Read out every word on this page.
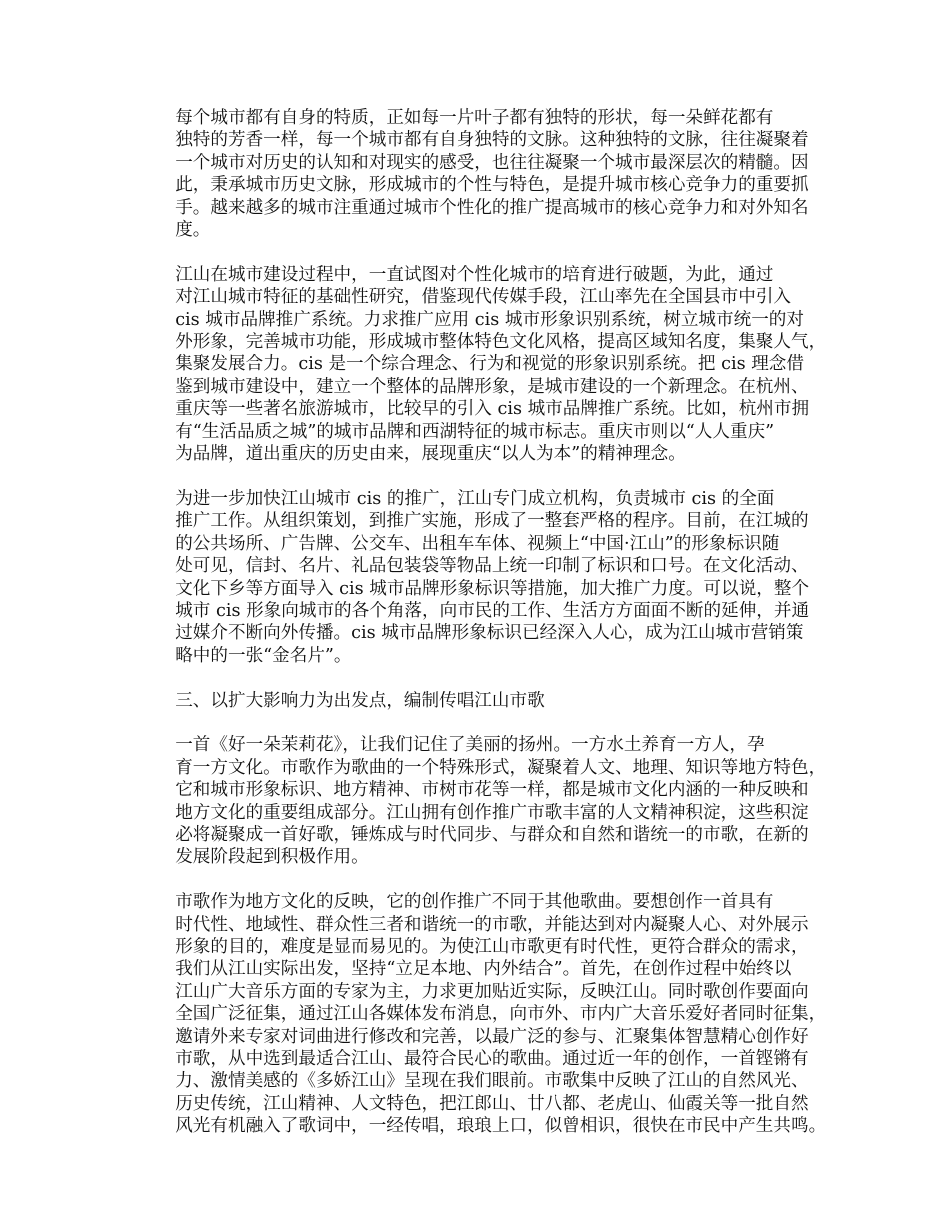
每个城市都有自身的特质，正如每一片叶子都有独特的形状，每一朵鲜花都有
独特的芳香一样，每一个城市都有自身独特的文脉。这种独特的文脉，往往凝聚着
一个城市对历史的认知和对现实的感受，也往往凝聚一个城市最深层次的精髓。因
此，秉承城市历史文脉，形成城市的个性与特色，是提升城市核心竞争力的重要抓
手。越来越多的城市注重通过城市个性化的推广提高城市的核心竞争力和对外知名
度。
江山在城市建设过程中，一直试图对个性化城市的培育进行破题，为此，通过
对江山城市特征的基础性研究，借鉴现代传媒手段，江山率先在全国县市中引入
cis 城市品牌推广系统。力求推广应用 cis 城市形象识别系统，树立城市统一的对
外形象，完善城市功能，形成城市整体特色文化风格，提高区域知名度，集聚人气，
集聚发展合力。cis 是一个综合理念、行为和视觉的形象识别系统。把 cis 理念借
鉴到城市建设中，建立一个整体的品牌形象，是城市建设的一个新理念。在杭州、
重庆等一些著名旅游城市，比较早的引入 cis 城市品牌推广系统。比如，杭州市拥
有“生活品质之城”的城市品牌和西湖特征的城市标志。重庆市则以“人人重庆”
为品牌，道出重庆的历史由来，展现重庆“以人为本”的精神理念。
为进一步加快江山城市 cis 的推广，江山专门成立机构，负责城市 cis 的全面
推广工作。从组织策划，到推广实施，形成了一整套严格的程序。目前，在江城的
的公共场所、广告牌、公交车、出租车车体、视频上“中国·江山”的形象标识随
处可见，信封、名片、礼品包装袋等物品上统一印制了标识和口号。在文化活动、
文化下乡等方面导入 cis 城市品牌形象标识等措施，加大推广力度。可以说，整个
城市 cis 形象向城市的各个角落，向市民的工作、生活方方面面不断的延伸，并通
过媒介不断向外传播。cis 城市品牌形象标识已经深入人心，成为江山城市营销策
略中的一张“金名片”。
三、以扩大影响力为出发点，编制传唱江山市歌
一首《好一朵茉莉花》，让我们记住了美丽的扬州。一方水土养育一方人，孕
育一方文化。市歌作为歌曲的一个特殊形式，凝聚着人文、地理、知识等地方特色，
它和城市形象标识、地方精神、市树市花等一样，都是城市文化内涵的一种反映和
地方文化的重要组成部分。江山拥有创作推广市歌丰富的人文精神积淀，这些积淀
必将凝聚成一首好歌，锤炼成与时代同步、与群众和自然和谐统一的市歌，在新的
发展阶段起到积极作用。
市歌作为地方文化的反映，它的创作推广不同于其他歌曲。要想创作一首具有
时代性、地域性、群众性三者和谐统一的市歌，并能达到对内凝聚人心、对外展示
形象的目的，难度是显而易见的。为使江山市歌更有时代性，更符合群众的需求，
我们从江山实际出发，坚持“立足本地、内外结合”。首先，在创作过程中始终以
江山广大音乐方面的专家为主，力求更加贴近实际，反映江山。同时歌创作要面向
全国广泛征集，通过江山各媒体发布消息，向市外、市内广大音乐爱好者同时征集，
邀请外来专家对词曲进行修改和完善，以最广泛的参与、汇聚集体智慧精心创作好
市歌，从中选到最适合江山、最符合民心的歌曲。通过近一年的创作，一首铿锵有
力、激情美感的《多娇江山》呈现在我们眼前。市歌集中反映了江山的自然风光、
历史传统，江山精神、人文特色，把江郎山、廿八都、老虎山、仙霞关等一批自然
风光有机融入了歌词中，一经传唱，琅琅上口，似曾相识，很快在市民中产生共鸣。
